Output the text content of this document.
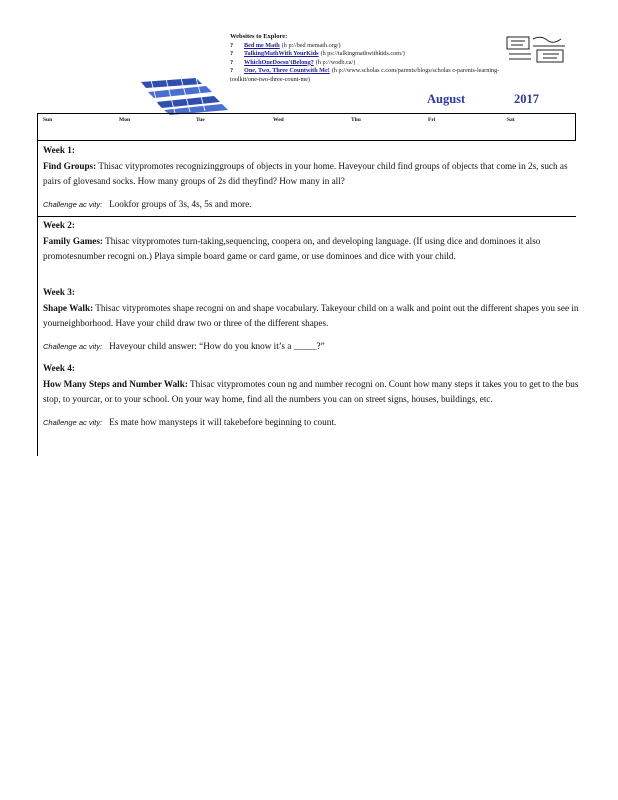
Websites to Explore:
?	Bed me Math (h p://bed memath.org/)
?	TalkingMathWith YourKids (h ps://talkingmathwithkids.com/)
?	WhichOneDoesn'tBelong? (h p://wodb.ca/)
?	One, Two, Three Countwith Me! (h p://www.scholas c.com/parents/blogs/scholas c-parents-learning-
toolkit/one-two-three-count-me)
August	2017
Sun	Mon	Tue	Wed	Thu	Fri	Sat
Week 1:
Find Groups: Thisac vitypromotes recognizinggroups of objects in your home. Haveyour child find groups of objects that come in 2s, such as pairs of glovesand socks. How many groups of 2s did theyfind? How many in all?
Challenge ac vity: Lookfor groups of 3s, 4s, 5s and more.
Week 2:
Family Games: Thisac vitypromotes turn-taking,sequencing, coopera on, and developing language. (If using dice and dominoes it also promotesnumber recogni on.) Playa simple board game or card game, or use dominoes and dice with your child.
Week 3:
Shape Walk: Thisac vitypromotes shape recogni on and shape vocabulary. Takeyour child on a walk and point out the different shapes you see in yourneighborhood. Have your child draw two or three of the different shapes.
Challenge ac vity: Haveyour child answer: “How do you know it’s a _____?”
Week 4:
How Many Steps and Number Walk: Thisac vitypromotes coun ng and number recogni on. Count how many steps it takes you to get to the bus stop, to yourcar, or to your school. On your way home, find all the numbers you can on street signs, houses, buildings, etc.
Challenge ac vity: Es mate how manysteps it will takebefore beginning to count.
